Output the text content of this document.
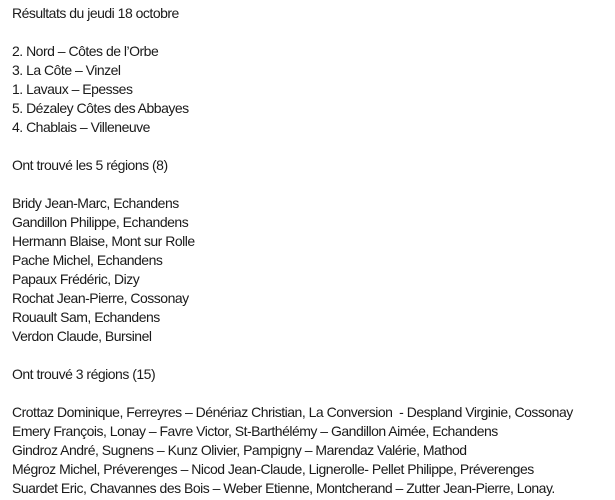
Résultats du jeudi 18 octobre
2. Nord – Côtes de l’Orbe
3. La Côte – Vinzel
1. Lavaux – Epesses
5. Dézaley Côtes des Abbayes
4. Chablais – Villeneuve
Ont trouvé les 5 régions (8)
Bridy Jean-Marc, Echandens
Gandillon Philippe, Echandens
Hermann Blaise, Mont sur Rolle
Pache Michel, Echandens
Papaux Frédéric, Dizy
Rochat Jean-Pierre, Cossonay
Rouault Sam, Echandens
Verdon Claude, Bursinel
Ont trouvé 3 régions (15)
Crottaz Dominique, Ferreyres – Dénériaz Christian, La Conversion  - Despland Virginie, Cossonay
Emery François, Lonay – Favre Victor, St-Barthélémy – Gandillon Aimée, Echandens
Gindroz André, Sugnens – Kunz Olivier, Pampigny – Marendaz Valérie, Mathod
Mégroz Michel, Préverenges – Nicod Jean-Claude, Lignerolle- Pellet Philippe, Préverenges
Suardet Eric, Chavannes des Bois – Weber Etienne, Montcherand – Zutter Jean-Pierre, Lonay.
